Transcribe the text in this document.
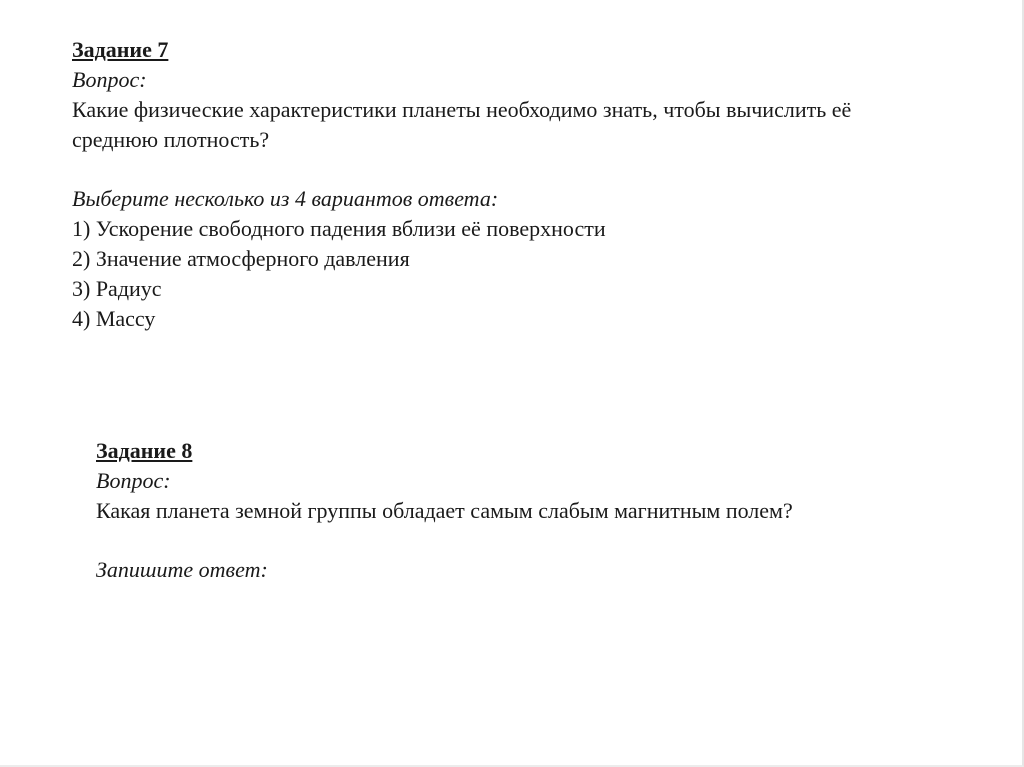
Задание 7
Вопрос:
Какие физические характеристики планеты необходимо знать, чтобы вычислить её
среднюю плотность?
Выберите несколько из 4 вариантов ответа:
1) Ускорение свободного падения вблизи её поверхности
2) Значение атмосферного давления
3) Радиус
4) Массу
Задание 8
Вопрос:
Какая планета земной группы обладает самым слабым магнитным полем?
Запишите ответ:
